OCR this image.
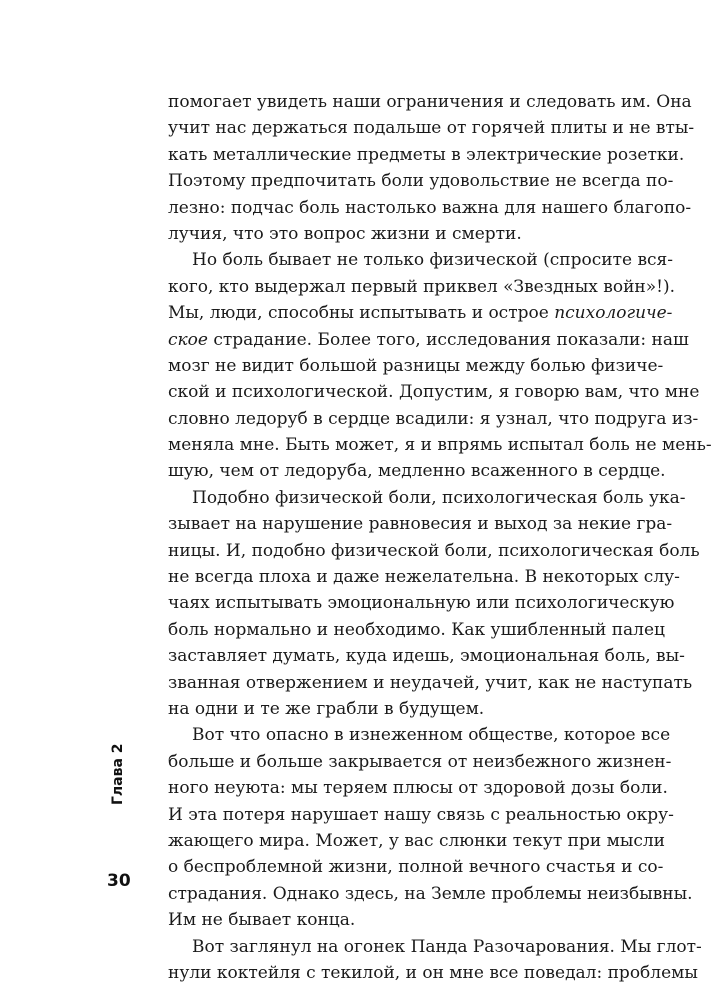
помогает увидеть наши ограничения и следовать им. Она
учит нас держаться подальше от горячей плиты и не вты-
кать металлические предметы в электрические розетки.
Поэтому предпочитать боли удовольствие не всегда по-
лезно: подчас боль настолько важна для нашего благопо-
лучия, что это вопрос жизни и смерти.
Но боль бывает не только физической (спросите вся-
кого, кто выдержал первый приквел «Звездных войн»!).
Мы, люди, способны испытывать и острое психологиче-
ское страдание. Более того, исследования показали: наш
мозг не видит большой разницы между болью физиче-
ской и психологической. Допустим, я говорю вам, что мне
словно ледоруб в сердце всадили: я узнал, что подруга из-
меняла мне. Быть может, я и впрямь испытал боль не мень-
шую, чем от ледоруба, медленно всаженного в сердце.
Подобно физической боли, психологическая боль ука-
зывает на нарушение равновесия и выход за некие гра-
ницы. И, подобно физической боли, психологическая боль
не всегда плоха и даже нежелательна. В некоторых слу-
чаях испытывать эмоциональную или психологическую
боль нормально и необходимо. Как ушибленный палец
заставляет думать, куда идешь, эмоциональная боль, вы-
званная отвержением и неудачей, учит, как не наступать
на одни и те же грабли в будущем.
Вот что опасно в изнеженном обществе, которое все
больше и больше закрывается от неизбежного жизнен-
ного неуюта: мы теряем плюсы от здоровой дозы боли.
И эта потеря нарушает нашу связь с реальностью окру-
жающего мира. Может, у вас слюнки текут при мысли
о беспроблемной жизни, полной вечного счастья и со-
страдания. Однако здесь, на Земле проблемы неизбывны.
Им не бывает конца.
Вот заглянул на огонек Панда Разочарования. Мы глот-
нули коктейля с текилой, и он мне все поведал: проблемы
Глава 2
30
